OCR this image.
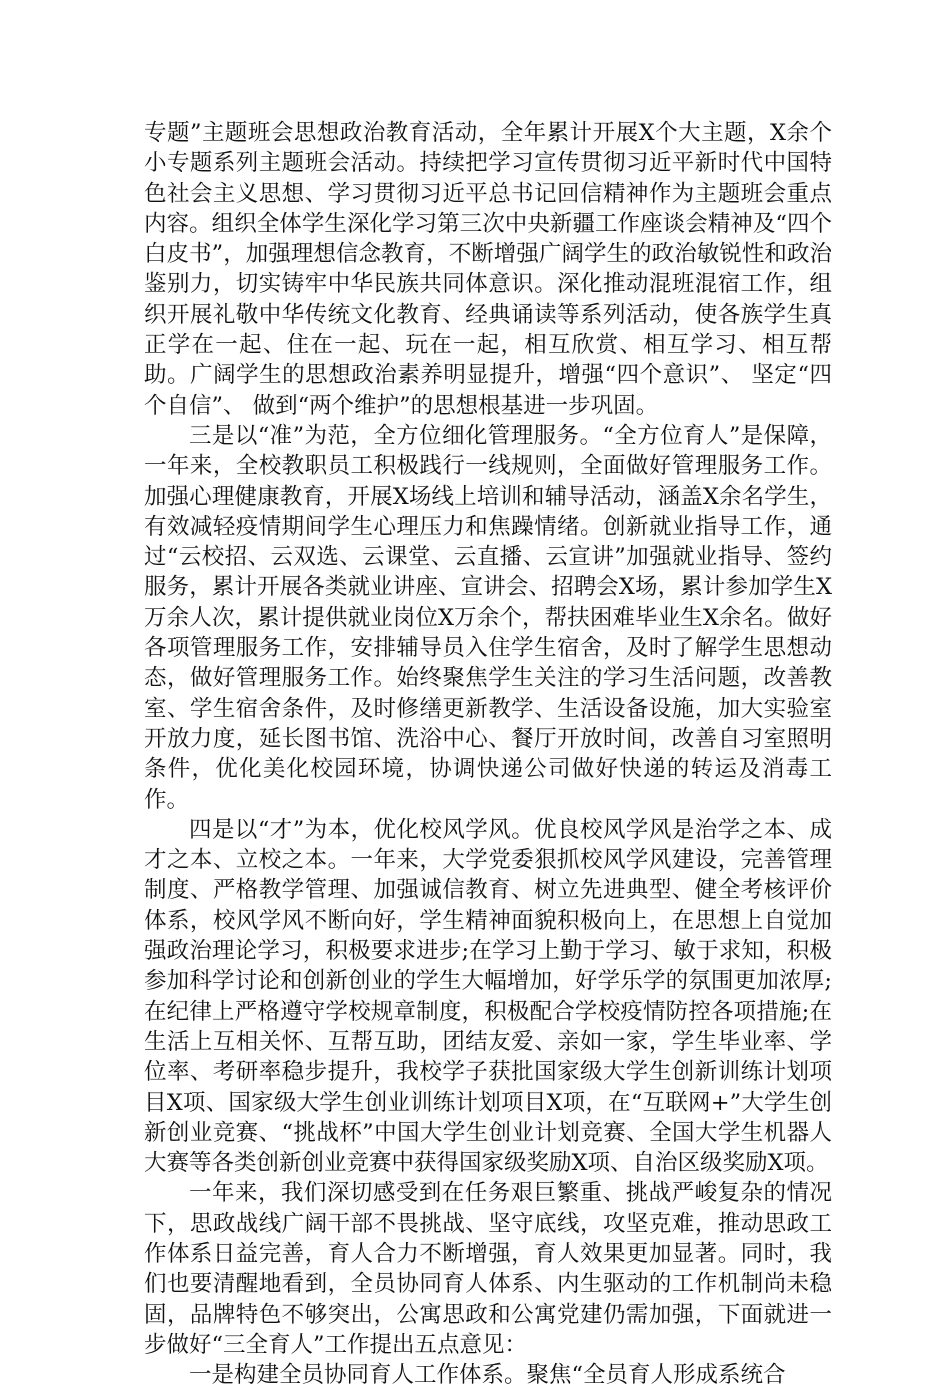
专题”主题班会思想政治教育活动，全年累计开展X个大主题，X余个小专题系列主题班会活动。持续把学习宣传贯彻习近平新时代中国特色社会主义思想、学习贯彻习近平总书记回信精神作为主题班会重点内容。组织全体学生深化学习第三次中央新疆工作座谈会精神及“四个白皮书”，加强理想信念教育，不断增强广阔学生的政治敏锐性和政治鉴别力，切实铸牢中华民族共同体意识。深化推动混班混宿工作，组织开展礼敬中华传统文化教育、经典诵读等系列活动，使各族学生真正学在一起、住在一起、玩在一起，相互欣赏、相互学习、相互帮助。广阔学生的思想政治素养明显提升，增强“四个意识”、 坚定“四个自信”、 做到“两个维护”的思想根基进一步巩固。

三是以“准”为范，全方位细化管理服务。“全方位育人”是保障，一年来，全校教职员工积极践行一线规则，全面做好管理服务工作。加强心理健康教育，开展X场线上培训和辅导活动，涵盖X余名学生，有效减轻疫情期间学生心理压力和焦躁情绪。创新就业指导工作，通过“云校招、云双选、云课堂、云直播、云宣讲”加强就业指导、签约服务，累计开展各类就业讲座、宣讲会、招聘会X场，累计参加学生X万余人次，累计提供就业岗位X万余个，帮扶困难毕业生X余名。做好各项管理服务工作，安排辅导员入住学生宿舍，及时了解学生思想动态，做好管理服务工作。始终聚焦学生关注的学习生活问题，改善教室、学生宿舍条件，及时修缮更新教学、生活设备设施，加大实验室开放力度，延长图书馆、洗浴中心、餐厅开放时间，改善自习室照明条件，优化美化校园环境，协调快递公司做好快递的转运及消毒工作。

四是以“才”为本，优化校风学风。优良校风学风是治学之本、成才之本、立校之本。一年来，大学党委狠抓校风学风建设，完善管理制度、严格教学管理、加强诚信教育、树立先进典型、健全考核评价体系，校风学风不断向好，学生精神面貌积极向上，在思想上自觉加强政治理论学习，积极要求进步;在学习上勤于学习、敏于求知，积极参加科学讨论和创新创业的学生大幅增加，好学乐学的氛围更加浓厚;在纪律上严格遵守学校规章制度，积极配合学校疫情防控各项措施;在生活上互相关怀、互帮互助，团结友爱、亲如一家，学生毕业率、学位率、考研率稳步提升，我校学子获批国家级大学生创新训练计划项目X项、国家级大学生创业训练计划项目X项，在“互联网+”大学生创新创业竞赛、“挑战杯”中国大学生创业计划竞赛、全国大学生机器人大赛等各类创新创业竞赛中获得国家级奖励X项、自治区级奖励X项。

一年来，我们深切感受到在任务艰巨繁重、挑战严峻复杂的情况下，思政战线广阔干部不畏挑战、坚守底线，攻坚克难，推动思政工作体系日益完善，育人合力不断增强，育人效果更加显著。同时，我们也要清醒地看到，全员协同育人体系、内生驱动的工作机制尚未稳固，品牌特色不够突出，公寓思政和公寓党建仍需加强，下面就进一步做好“三全育人”工作提出五点意见：

一是构建全员协同育人工作体系。聚焦“全员育人形成系统合
